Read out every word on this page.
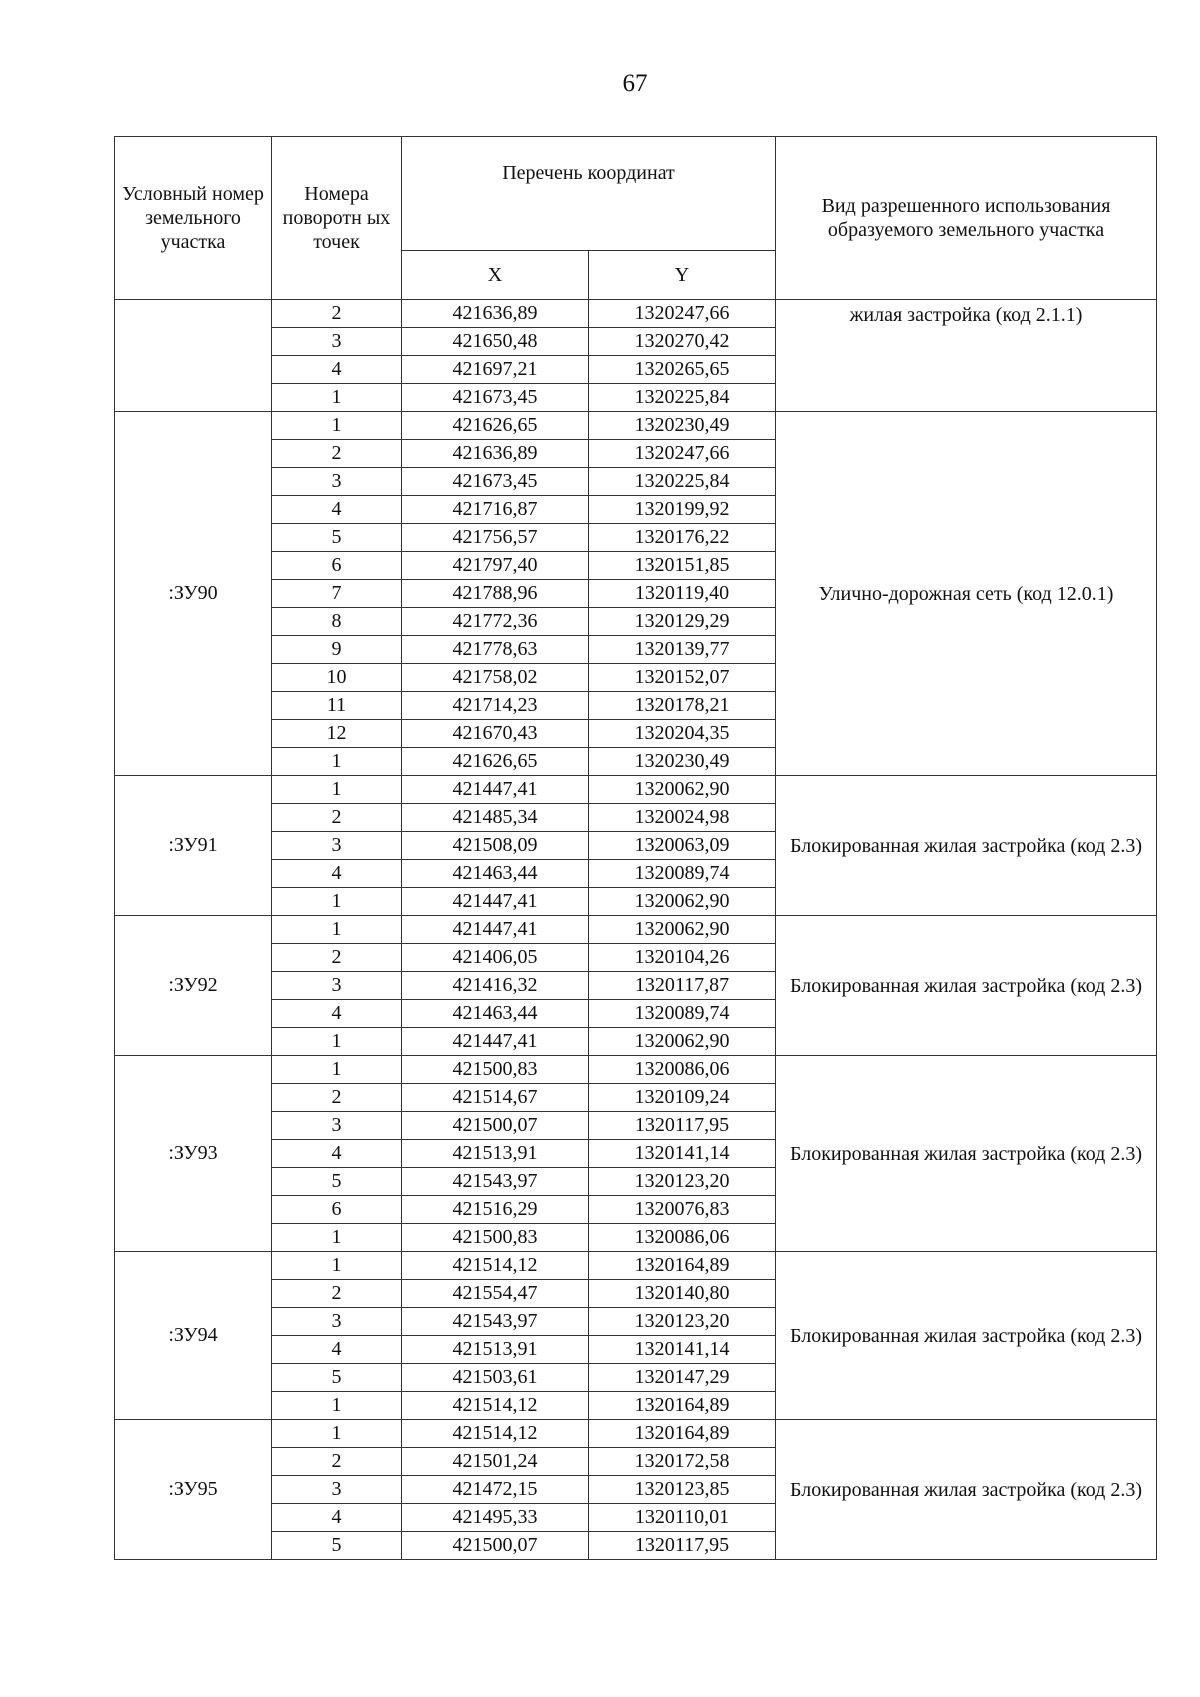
67
Условный номер земельного участка	Номера поворотн ых точек	Перечень координат		Вид разрешенного использования образуемого земельного участка
		X	Y	
	2	421636,89	1320247,66	жилая застройка (код 2.1.1)
	3	421650,48	1320270,42	
	4	421697,21	1320265,65	
	1	421673,45	1320225,84	
:ЗУ90	1	421626,65	1320230,49	Улично-дорожная сеть (код 12.0.1)
	2	421636,89	1320247,66	
	3	421673,45	1320225,84	
	4	421716,87	1320199,92	
	5	421756,57	1320176,22	
	6	421797,40	1320151,85	
	7	421788,96	1320119,40	
	8	421772,36	1320129,29	
	9	421778,63	1320139,77	
	10	421758,02	1320152,07	
	11	421714,23	1320178,21	
	12	421670,43	1320204,35	
	1	421626,65	1320230,49	
:ЗУ91	1	421447,41	1320062,90	Блокированная жилая застройка (код 2.3)
	2	421485,34	1320024,98	
	3	421508,09	1320063,09	
	4	421463,44	1320089,74	
	1	421447,41	1320062,90	
:ЗУ92	1	421447,41	1320062,90	Блокированная жилая застройка (код 2.3)
	2	421406,05	1320104,26	
	3	421416,32	1320117,87	
	4	421463,44	1320089,74	
	1	421447,41	1320062,90	
:ЗУ93	1	421500,83	1320086,06	Блокированная жилая застройка (код 2.3)
	2	421514,67	1320109,24	
	3	421500,07	1320117,95	
	4	421513,91	1320141,14	
	5	421543,97	1320123,20	
	6	421516,29	1320076,83	
	1	421500,83	1320086,06	
:ЗУ94	1	421514,12	1320164,89	Блокированная жилая застройка (код 2.3)
	2	421554,47	1320140,80	
	3	421543,97	1320123,20	
	4	421513,91	1320141,14	
	5	421503,61	1320147,29	
	1	421514,12	1320164,89	
:ЗУ95	1	421514,12	1320164,89	Блокированная жилая застройка (код 2.3)
	2	421501,24	1320172,58	
	3	421472,15	1320123,85	
	4	421495,33	1320110,01	
	5	421500,07	1320117,95	
